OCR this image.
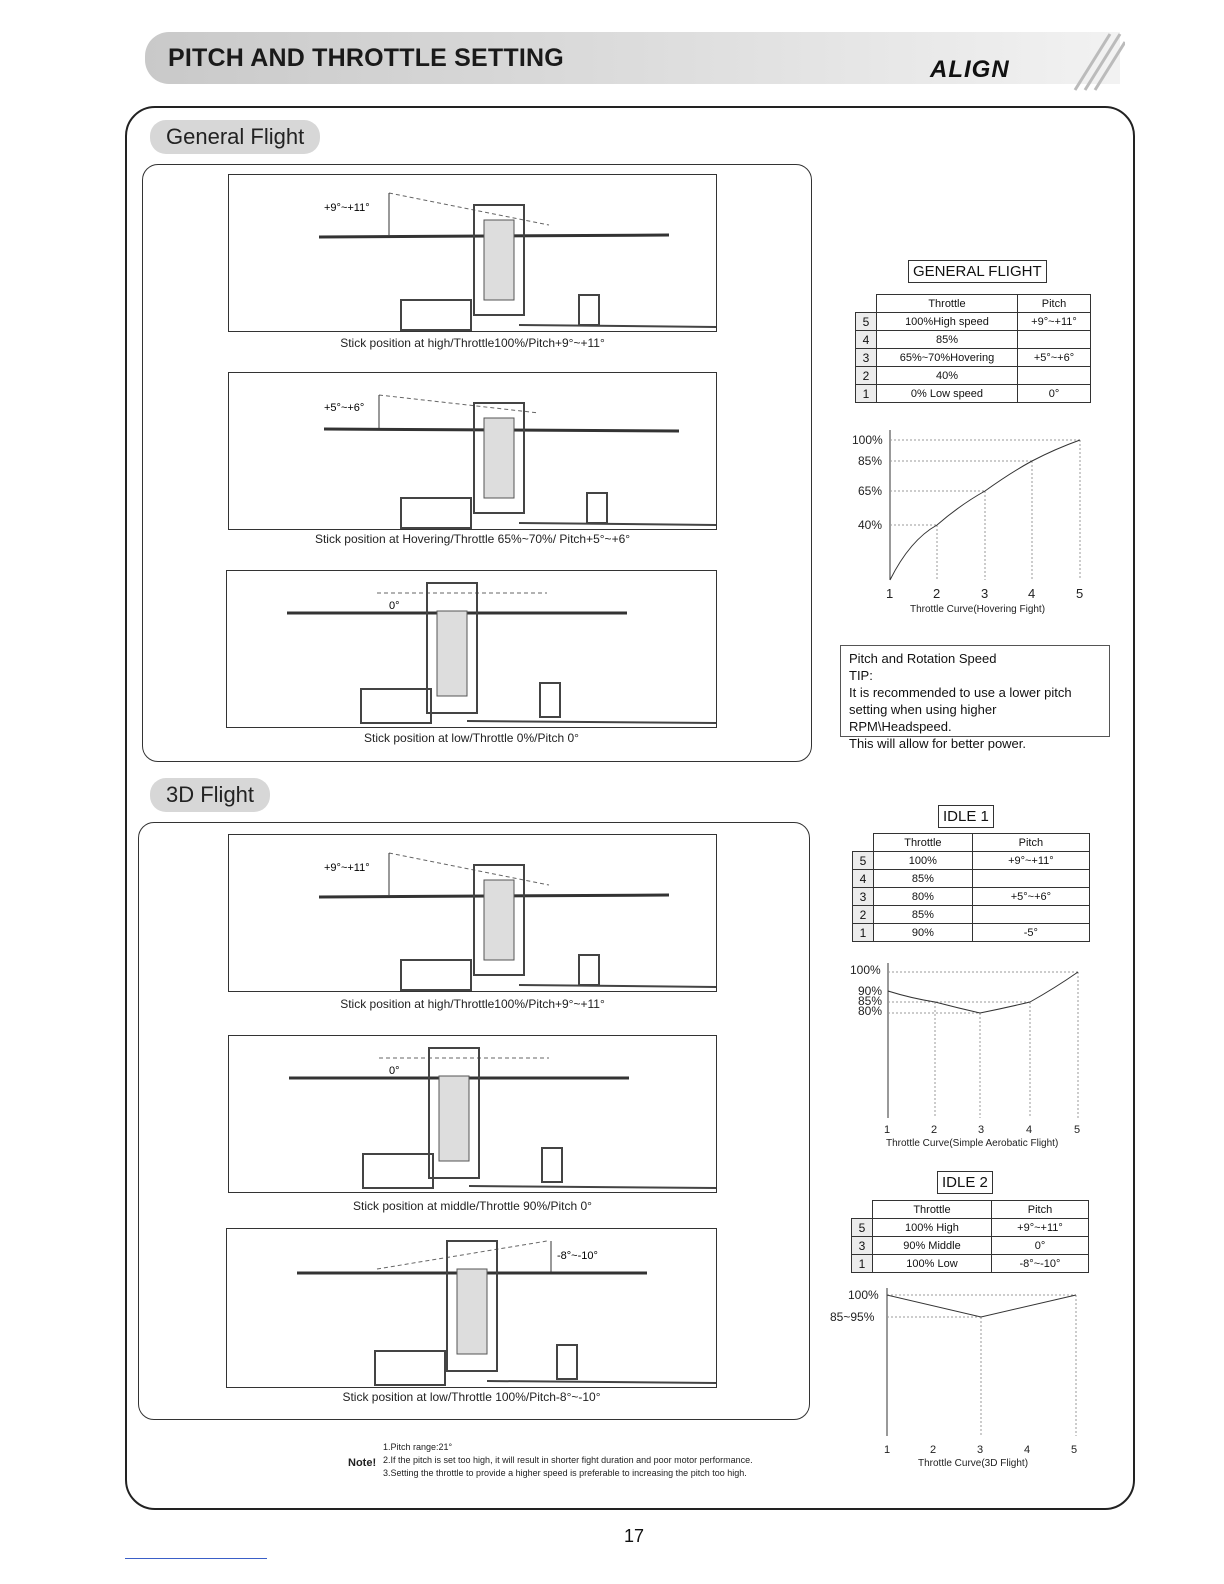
PITCH AND THROTTLE SETTING	ALIGN
General Flight
+9°~+11°
Stick position at high/Throttle100%/Pitch+9°~+11°
+5°~+6°
Stick position at Hovering/Throttle 65%~70%/ Pitch+5°~+6°
0°
Stick position at low/Throttle 0%/Pitch 0°
GENERAL FLIGHT
	Throttle	Pitch
5	100%High speed	+9°~+11°
4	85%	
3	65%~70%Hovering	+5°~+6°
2	40%	
1	0% Low speed	0°
100%
85%
65%
40%
1	2	3	4	5
Throttle Curve(Hovering Fight)
Pitch and Rotation Speed
TIP:
It is recommended to use a lower pitch
setting when using higher RPM\Headspeed.
This will allow for better power.
3D Flight
+9°~+11°
Stick position at high/Throttle100%/Pitch+9°~+11°
0°
Stick position at middle/Throttle 90%/Pitch 0°
-8°~-10°
Stick position at low/Throttle 100%/Pitch-8°~-10°
IDLE 1
	Throttle	Pitch
5	100%	+9°~+11°
4	85%	
3	80%	+5°~+6°
2	85%	
1	90%	-5°
100%
90%
85%
80%
1	2	3	4	5
Throttle Curve(Simple Aerobatic Flight)
IDLE 2
	Throttle	Pitch
5	100% High	+9°~+11°
3	90% Middle	0°
1	100% Low	-8°~-10°
100%
85~95%
1	2	3	4	5
Throttle Curve(3D Flight)
Note!
1.Pitch range:21°
2.If the pitch is set too high, it will result in shorter fight duration and poor motor performance.
3.Setting the throttle to provide a higher speed is preferable to increasing the pitch too high.
17
